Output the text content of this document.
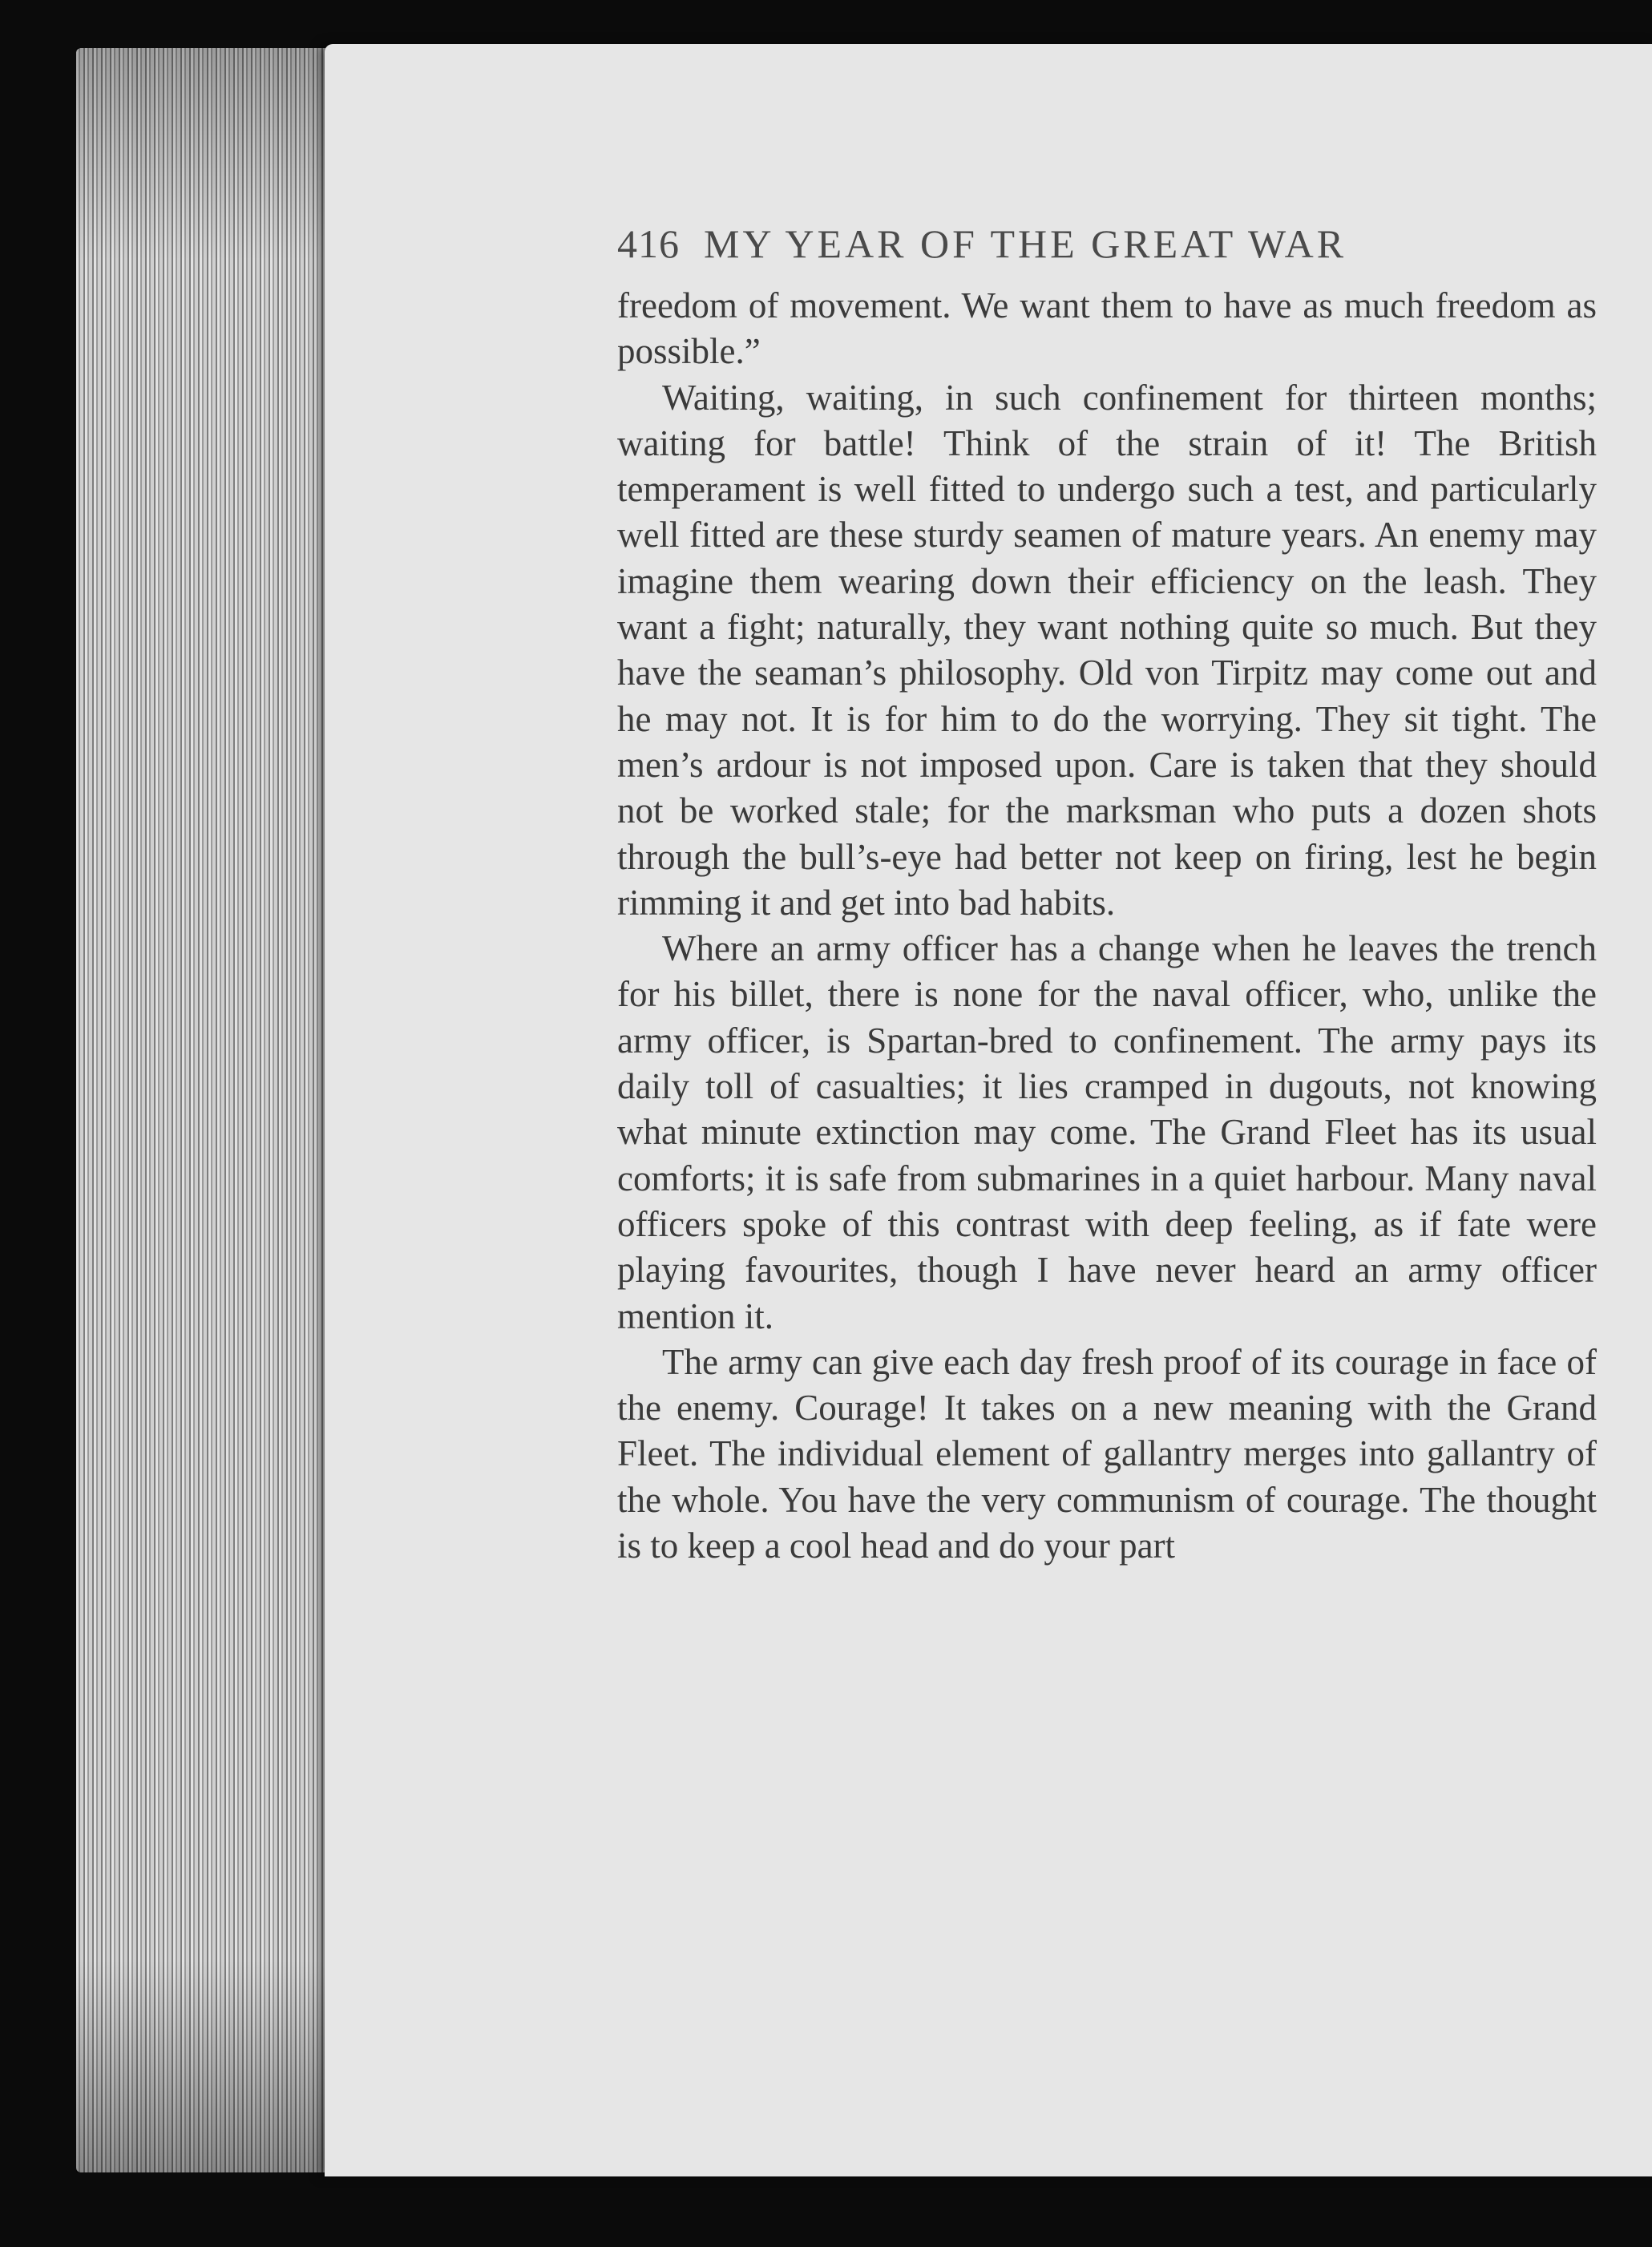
416 MY YEAR OF THE GREAT WAR

freedom of movement. We want them to have as much freedom as possible.”

Waiting, waiting, in such confinement for thirteen months; waiting for battle! Think of the strain of it! The British temperament is well fitted to undergo such a test, and particularly well fitted are these sturdy seamen of mature years. An enemy may imagine them wearing down their efficiency on the leash. They want a fight; naturally, they want nothing quite so much. But they have the seaman’s philosophy. Old von Tirpitz may come out and he may not. It is for him to do the worrying. They sit tight. The men’s ardour is not imposed upon. Care is taken that they should not be worked stale; for the marksman who puts a dozen shots through the bull’s-eye had better not keep on firing, lest he begin rimming it and get into bad habits.

Where an army officer has a change when he leaves the trench for his billet, there is none for the naval officer, who, unlike the army officer, is Spartan-bred to confinement. The army pays its daily toll of casualties; it lies cramped in dugouts, not knowing what minute extinction may come. The Grand Fleet has its usual comforts; it is safe from submarines in a quiet harbour. Many naval officers spoke of this contrast with deep feeling, as if fate were playing favourites, though I have never heard an army officer mention it.

The army can give each day fresh proof of its courage in face of the enemy. Courage! It takes on a new meaning with the Grand Fleet. The individual element of gallantry merges into gallantry of the whole. You have the very communism of courage. The thought is to keep a cool head and do your part
